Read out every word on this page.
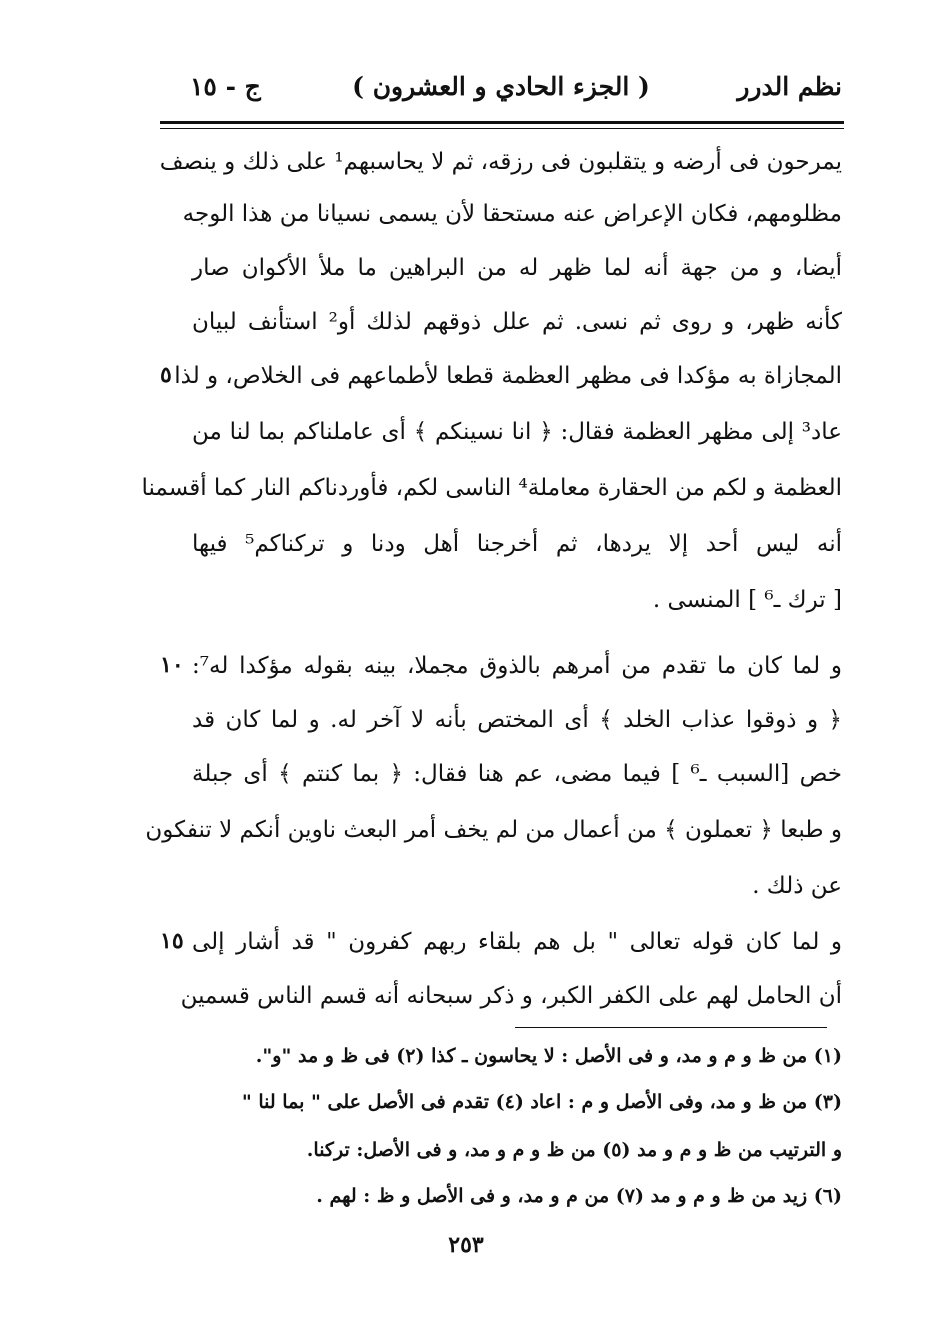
نظم الدرر
( الجزء الحادي و العشرون )
ج - ١٥
يمرحون فى أرضه و يتقلبون فى رزقه، ثم لا يحاسبهم¹ على ذلك و ينصف
مظلومهم، فكان الإعراض عنه مستحقا لأن يسمى نسيانا من هذا الوجه
أيضا، و من جهة أنه لما ظهر له من البراهين ما ملأ الأكوان صار
كأنه ظهر، و روى ثم نسى. ثم علل ذوقهم لذلك أو² استأنف لبيان
المجازاة به مؤكدا فى مظهر العظمة قطعا لأطماعهم فى الخلاص، و لذا
عاد³ إلى مظهر العظمة فقال: ﴿ انا نسينكم ﴾ أى عاملناكم بما لنا من
العظمة و لكم من الحقارة معاملة⁴ الناسى لكم، فأوردناكم النار كما أقسمنا
أنه ليس أحد إلا يردها، ثم أخرجنا أهل ودنا و تركناكم⁵ فيها
[ ترك ـ⁶ ] المنسى .
و لما كان ما تقدم من أمرهم بالذوق مجملا، بينه بقوله مؤكدا له⁷:
﴿ و ذوقوا عذاب الخلد ﴾ أى المختص بأنه لا آخر له. و لما كان قد
خص [السبب ـ⁶ ] فيما مضى، عم هنا فقال: ﴿ بما كنتم ﴾ أى جبلة
و طبعا ﴿ تعملون ﴾ من أعمال من لم يخف أمر البعث ناوين أنكم لا تنفكون
عن ذلك .
و لما كان قوله تعالى " بل هم بلقاء ربهم كفرون " قد أشار إلى
أن الحامل لهم على الكفر الكبر، و ذكر سبحانه أنه قسم الناس قسمين
٥
١٠
١٥
(١) من ظ و م و مد، و فى الأصل : لا يحاسون ـ كذا (٢) فى ظ و مد "و".
(٣) من ظ و مد، وفى الأصل و م : اعاد (٤) تقدم فى الأصل على " بما لنا "
و الترتيب من ظ و م و مد (٥) من ظ و م و مد، و فى الأصل: تركنا.
(٦) زيد من ظ و م و مد (٧) من م و مد، و فى الأصل و ظ : لهم .
٢٥٣
